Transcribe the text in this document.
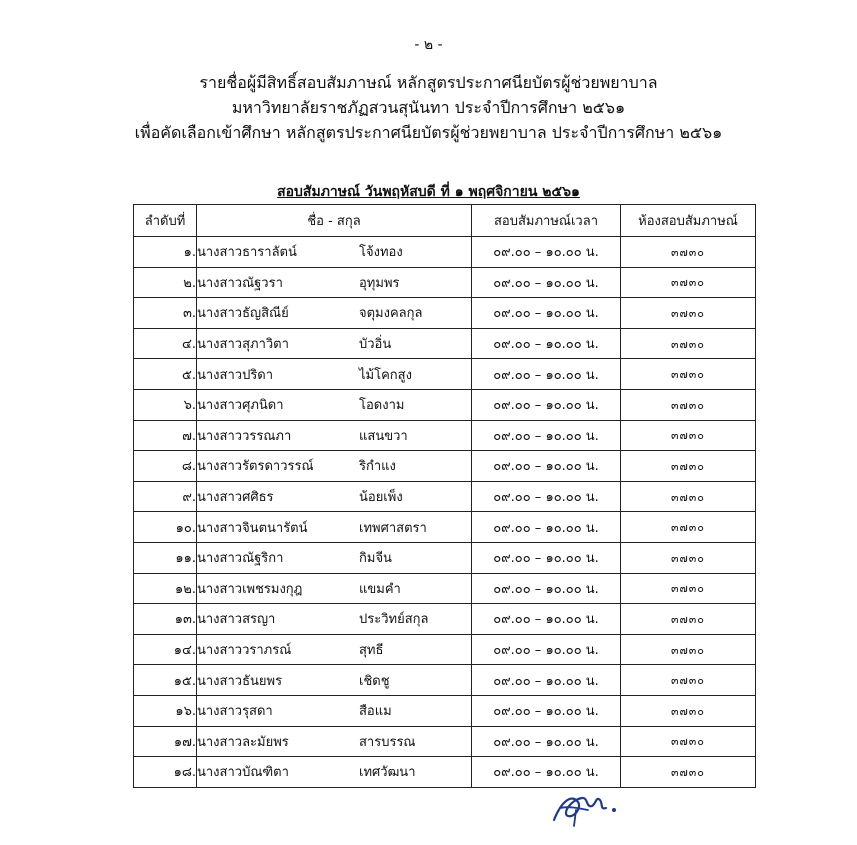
- ๒ -
รายชื่อผู้มีสิทธิ์สอบสัมภาษณ์ หลักสูตรประกาศนียบัตรผู้ช่วยพยาบาล
มหาวิทยาลัยราชภัฏสวนสุนันทา ประจำปีการศึกษา ๒๕๖๑
เพื่อคัดเลือกเข้าศึกษา หลักสูตรประกาศนียบัตรผู้ช่วยพยาบาล ประจำปีการศึกษา ๒๕๖๑
สอบสัมภาษณ์ วันพฤหัสบดี ที่ ๑ พฤศจิกายน ๒๕๖๑
ลำดับที่	ชื่อ - สกุล	สอบสัมภาษณ์เวลา	ห้องสอบสัมภาษณ์
๑.	นางสาวธาราลัตน์ โจ้งทอง	๐๙.๐๐ – ๑๐.๐๐ น.	๓๗๓๐
๒.	นางสาวณัฐวรา อุทุมพร	๐๙.๐๐ – ๑๐.๐๐ น.	๓๗๓๐
๓.	นางสาวธัญสิณีย์ จตุมงคลกุล	๐๙.๐๐ – ๑๐.๐๐ น.	๓๗๓๐
๔.	นางสาวสุภาวิตา บัวอิ่น	๐๙.๐๐ – ๑๐.๐๐ น.	๓๗๓๐
๕.	นางสาวปริดา ไม้โคกสูง	๐๙.๐๐ – ๑๐.๐๐ น.	๓๗๓๐
๖.	นางสาวศุภนิดา โอดงาม	๐๙.๐๐ – ๑๐.๐๐ น.	๓๗๓๐
๗.	นางสาววรรณภา แสนขวา	๐๙.๐๐ – ๑๐.๐๐ น.	๓๗๓๐
๘.	นางสาวรัตรดาวรรณ์ ริกำแง	๐๙.๐๐ – ๑๐.๐๐ น.	๓๗๓๐
๙.	นางสาวศศิธร น้อยเพ็ง	๐๙.๐๐ – ๑๐.๐๐ น.	๓๗๓๐
๑๐.	นางสาวจินตนารัตน์ เทพศาสตรา	๐๙.๐๐ – ๑๐.๐๐ น.	๓๗๓๐
๑๑.	นางสาวณัฐริกา กิมจีน	๐๙.๐๐ – ๑๐.๐๐ น.	๓๗๓๐
๑๒.	นางสาวเพชรมงกุฎ แขมคำ	๐๙.๐๐ – ๑๐.๐๐ น.	๓๗๓๐
๑๓.	นางสาวสรญา ประวิทย์สกุล	๐๙.๐๐ – ๑๐.๐๐ น.	๓๗๓๐
๑๔.	นางสาววราภรณ์ สุทธี	๐๙.๐๐ – ๑๐.๐๐ น.	๓๗๓๐
๑๕.	นางสาวธันยพร เชิดชู	๐๙.๐๐ – ๑๐.๐๐ น.	๓๗๓๐
๑๖.	นางสาวรุสดา สือแม	๐๙.๐๐ – ๑๐.๐๐ น.	๓๗๓๐
๑๗.	นางสาวละมัยพร สารบรรณ	๐๙.๐๐ – ๑๐.๐๐ น.	๓๗๓๐
๑๘.	นางสาวบัณฑิตา เทศวัฒนา	๐๙.๐๐ – ๑๐.๐๐ น.	๓๗๓๐
